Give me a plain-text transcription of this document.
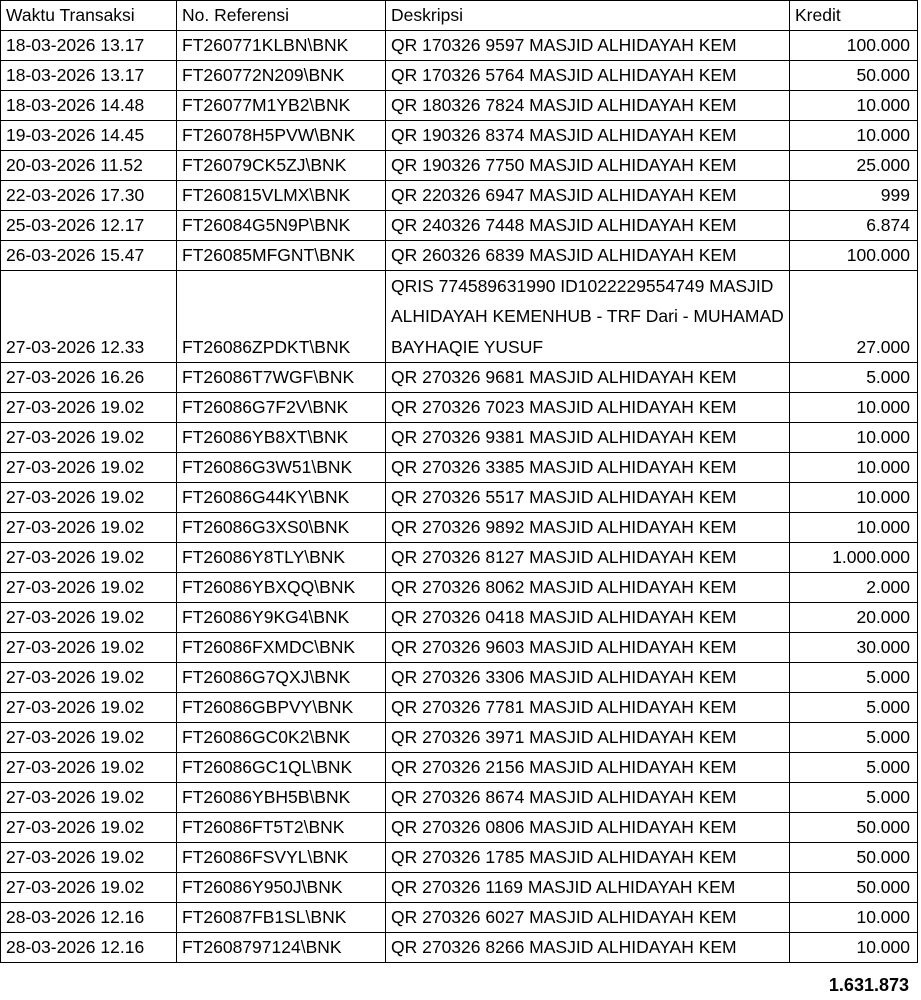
Waktu Transaksi	No. Referensi	Deskripsi	Kredit
18-03-2026 13.17	FT260771KLBN\BNK	QR 170326 9597 MASJID ALHIDAYAH KEM	100.000
18-03-2026 13.17	FT260772N209\BNK	QR 170326 5764 MASJID ALHIDAYAH KEM	50.000
18-03-2026 14.48	FT26077M1YB2\BNK	QR 180326 7824 MASJID ALHIDAYAH KEM	10.000
19-03-2026 14.45	FT26078H5PVW\BNK	QR 190326 8374 MASJID ALHIDAYAH KEM	10.000
20-03-2026 11.52	FT26079CK5ZJ\BNK	QR 190326 7750 MASJID ALHIDAYAH KEM	25.000
22-03-2026 17.30	FT260815VLMX\BNK	QR 220326 6947 MASJID ALHIDAYAH KEM	999
25-03-2026 12.17	FT26084G5N9P\BNK	QR 240326 7448 MASJID ALHIDAYAH KEM	6.874
26-03-2026 15.47	FT26085MFGNT\BNK	QR 260326 6839 MASJID ALHIDAYAH KEM	100.000
27-03-2026 12.33	FT26086ZPDKT\BNK	QRIS 774589631990 ID1022229554749 MASJID ALHIDAYAH KEMENHUB - TRF Dari - MUHAMAD BAYHAQIE YUSUF	27.000
27-03-2026 16.26	FT26086T7WGF\BNK	QR 270326 9681 MASJID ALHIDAYAH KEM	5.000
27-03-2026 19.02	FT26086G7F2V\BNK	QR 270326 7023 MASJID ALHIDAYAH KEM	10.000
27-03-2026 19.02	FT26086YB8XT\BNK	QR 270326 9381 MASJID ALHIDAYAH KEM	10.000
27-03-2026 19.02	FT26086G3W51\BNK	QR 270326 3385 MASJID ALHIDAYAH KEM	10.000
27-03-2026 19.02	FT26086G44KY\BNK	QR 270326 5517 MASJID ALHIDAYAH KEM	10.000
27-03-2026 19.02	FT26086G3XS0\BNK	QR 270326 9892 MASJID ALHIDAYAH KEM	10.000
27-03-2026 19.02	FT26086Y8TLY\BNK	QR 270326 8127 MASJID ALHIDAYAH KEM	1.000.000
27-03-2026 19.02	FT26086YBXQQ\BNK	QR 270326 8062 MASJID ALHIDAYAH KEM	2.000
27-03-2026 19.02	FT26086Y9KG4\BNK	QR 270326 0418 MASJID ALHIDAYAH KEM	20.000
27-03-2026 19.02	FT26086FXMDC\BNK	QR 270326 9603 MASJID ALHIDAYAH KEM	30.000
27-03-2026 19.02	FT26086G7QXJ\BNK	QR 270326 3306 MASJID ALHIDAYAH KEM	5.000
27-03-2026 19.02	FT26086GBPVY\BNK	QR 270326 7781 MASJID ALHIDAYAH KEM	5.000
27-03-2026 19.02	FT26086GC0K2\BNK	QR 270326 3971 MASJID ALHIDAYAH KEM	5.000
27-03-2026 19.02	FT26086GC1QL\BNK	QR 270326 2156 MASJID ALHIDAYAH KEM	5.000
27-03-2026 19.02	FT26086YBH5B\BNK	QR 270326 8674 MASJID ALHIDAYAH KEM	5.000
27-03-2026 19.02	FT26086FT5T2\BNK	QR 270326 0806 MASJID ALHIDAYAH KEM	50.000
27-03-2026 19.02	FT26086FSVYL\BNK	QR 270326 1785 MASJID ALHIDAYAH KEM	50.000
27-03-2026 19.02	FT26086Y950J\BNK	QR 270326 1169 MASJID ALHIDAYAH KEM	50.000
28-03-2026 12.16	FT26087FB1SL\BNK	QR 270326 6027 MASJID ALHIDAYAH KEM	10.000
28-03-2026 12.16	FT2608797124\BNK	QR 270326 8266 MASJID ALHIDAYAH KEM	10.000
1.631.873
